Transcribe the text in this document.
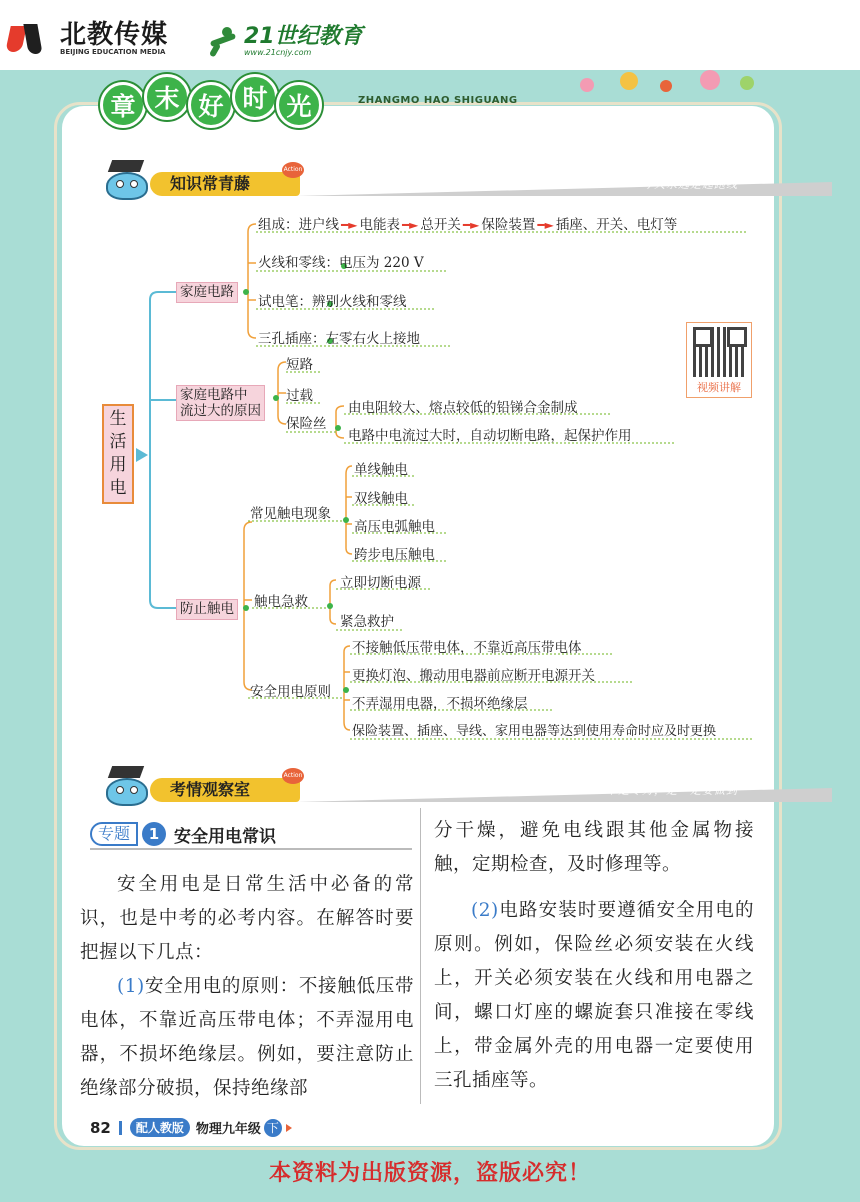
北教传媒
BEIJING EDUCATION MEDIA
21世纪教育
www.21cnjy.com
章 末 好 时 光	ZHANGMO HAO SHIGUANG
今天永远是起跑线
知识常青藤
Action
生
活
用
电
家庭电路
组成：进户线 ━► 电能表 ━► 总开关 ━► 保险装置 ━► 插座、开关、电灯等
火线和零线：电压为 220 V
试电笔：辨别火线和零线
三孔插座：左零右火上接地
家庭电路中
流过大的原因
短路
过载
保险丝
由电阻较大、熔点较低的铅锑合金制成
电路中电流过大时，自动切断电路，起保护作用
视频讲解
防止触电
常见触电现象
单线触电
双线触电
高压电弧触电
跨步电压触电
触电急救
立即切断电源
紧急救护
安全用电原则
不接触低压带电体，不靠近高压带电体
更换灯泡、搬动用电器前应断开电源开关
不弄湿用电器，不损坏绝缘层
保险装置、插座、导线、家用电器等达到使用寿命时应及时更换
不是尽力，是一定要做到
考情观察室
Action
专题	1 安全用电常识

安全用电是日常生活中必备的常识，也是中考的必考内容。在解答时要把握以下几点：

(1)安全用电的原则：不接触低压带电体，不靠近高压带电体；不弄湿用电器，不损坏绝缘层。例如，要注意防止绝缘部分破损，保持绝缘部

分干燥，避免电线跟其他金属物接触，定期检查，及时修理等。

(2)电路安装时要遵循安全用电的原则。例如，保险丝必须安装在火线上，开关必须安装在火线和用电器之间，螺口灯座的螺旋套只准接在零线上，带金属外壳的用电器一定要使用三孔插座等。

82	配人教版 物理九年级 下
本资料为出版资源，盗版必究！
